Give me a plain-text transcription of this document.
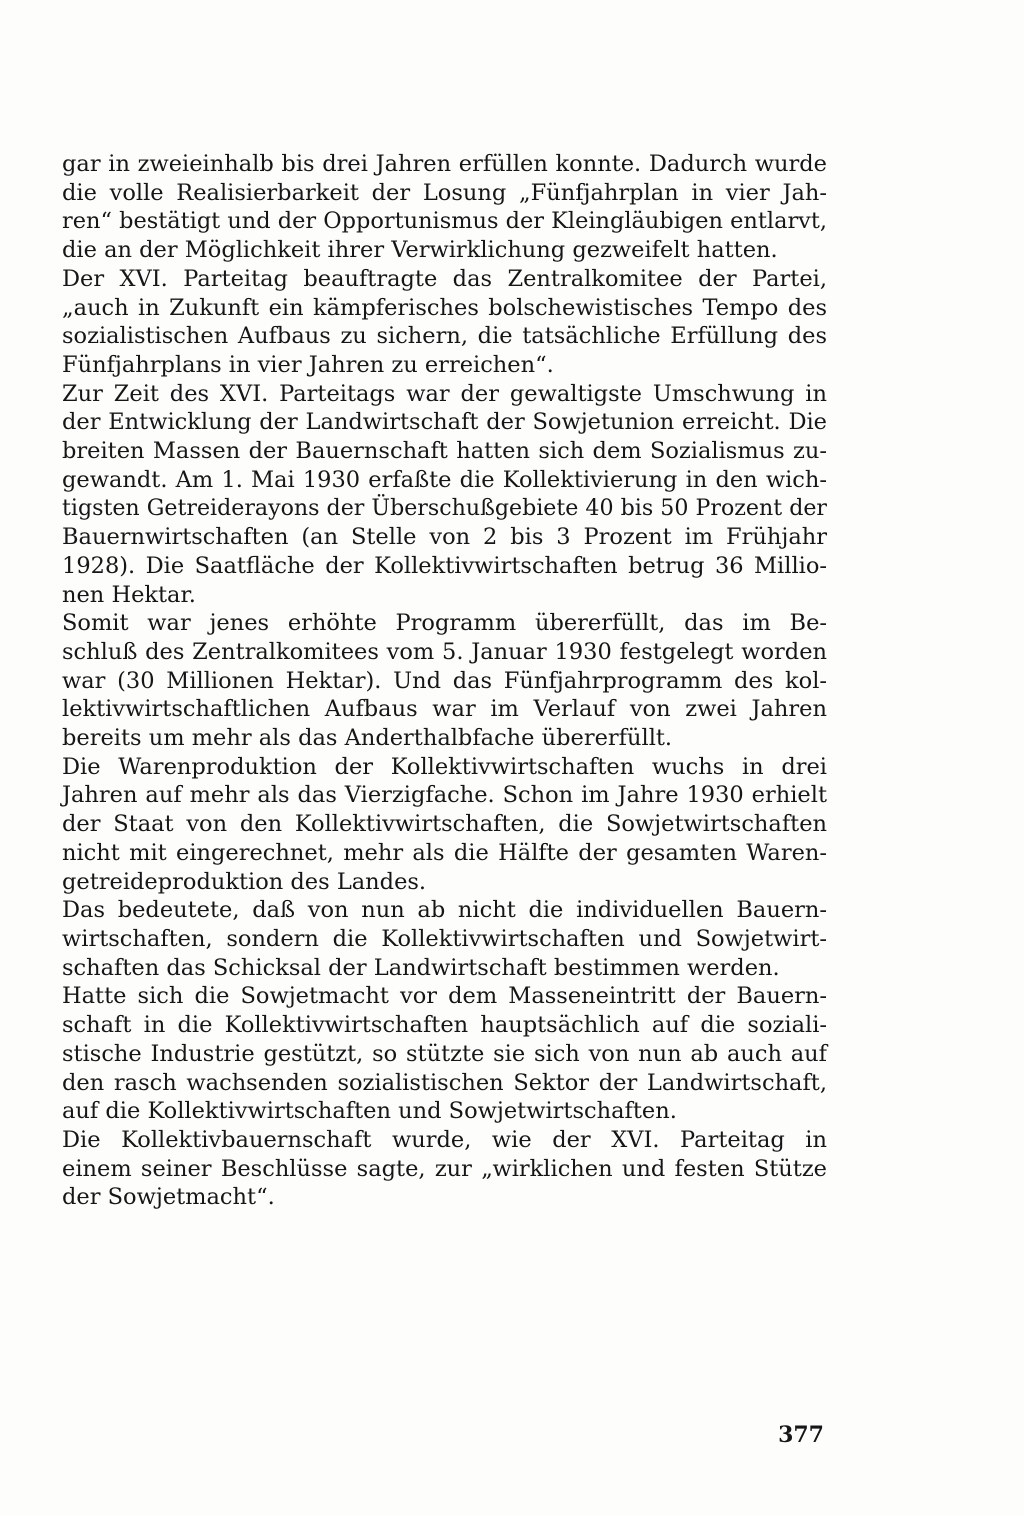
gar in zweieinhalb bis drei Jahren erfüllen konnte. Dadurch wurde
die volle Realisierbarkeit der Losung „Fünfjahrplan in vier Jah-
ren“ bestätigt und der Opportunismus der Kleingläubigen entlarvt,
die an der Möglichkeit ihrer Verwirklichung gezweifelt hatten.

Der XVI. Parteitag beauftragte das Zentralkomitee der Partei,
„auch in Zukunft ein kämpferisches bolschewistisches Tempo des
sozialistischen Aufbaus zu sichern, die tatsächliche Erfüllung des
Fünfjahrplans in vier Jahren zu erreichen“.

Zur Zeit des XVI. Parteitags war der gewaltigste Umschwung in
der Entwicklung der Landwirtschaft der Sowjetunion erreicht. Die
breiten Massen der Bauernschaft hatten sich dem Sozialismus zu-
gewandt. Am 1. Mai 1930 erfaßte die Kollektivierung in den wich-
tigsten Getreiderayons der Überschußgebiete 40 bis 50 Prozent der
Bauernwirtschaften (an Stelle von 2 bis 3 Prozent im Frühjahr
1928). Die Saatfläche der Kollektivwirtschaften betrug 36 Millio-
nen Hektar.

Somit war jenes erhöhte Programm übererfüllt, das im Be-
schluß des Zentralkomitees vom 5. Januar 1930 festgelegt worden
war (30 Millionen Hektar). Und das Fünfjahrprogramm des kol-
lektivwirtschaftlichen Aufbaus war im Verlauf von zwei Jahren
bereits um mehr als das Anderthalbfache übererfüllt.

Die Warenproduktion der Kollektivwirtschaften wuchs in drei
Jahren auf mehr als das Vierzigfache. Schon im Jahre 1930 erhielt
der Staat von den Kollektivwirtschaften, die Sowjetwirtschaften
nicht mit eingerechnet, mehr als die Hälfte der gesamten Waren-
getreideproduktion des Landes.

Das bedeutete, daß von nun ab nicht die individuellen Bauern-
wirtschaften, sondern die Kollektivwirtschaften und Sowjetwirt-
schaften das Schicksal der Landwirtschaft bestimmen werden.

Hatte sich die Sowjetmacht vor dem Masseneintritt der Bauern-
schaft in die Kollektivwirtschaften hauptsächlich auf die soziali-
stische Industrie gestützt, so stützte sie sich von nun ab auch auf
den rasch wachsenden sozialistischen Sektor der Landwirtschaft,
auf die Kollektivwirtschaften und Sowjetwirtschaften.

Die Kollektivbauernschaft wurde, wie der XVI. Parteitag in
einem seiner Beschlüsse sagte, zur „wirklichen und festen Stütze
der Sowjetmacht“.

377
